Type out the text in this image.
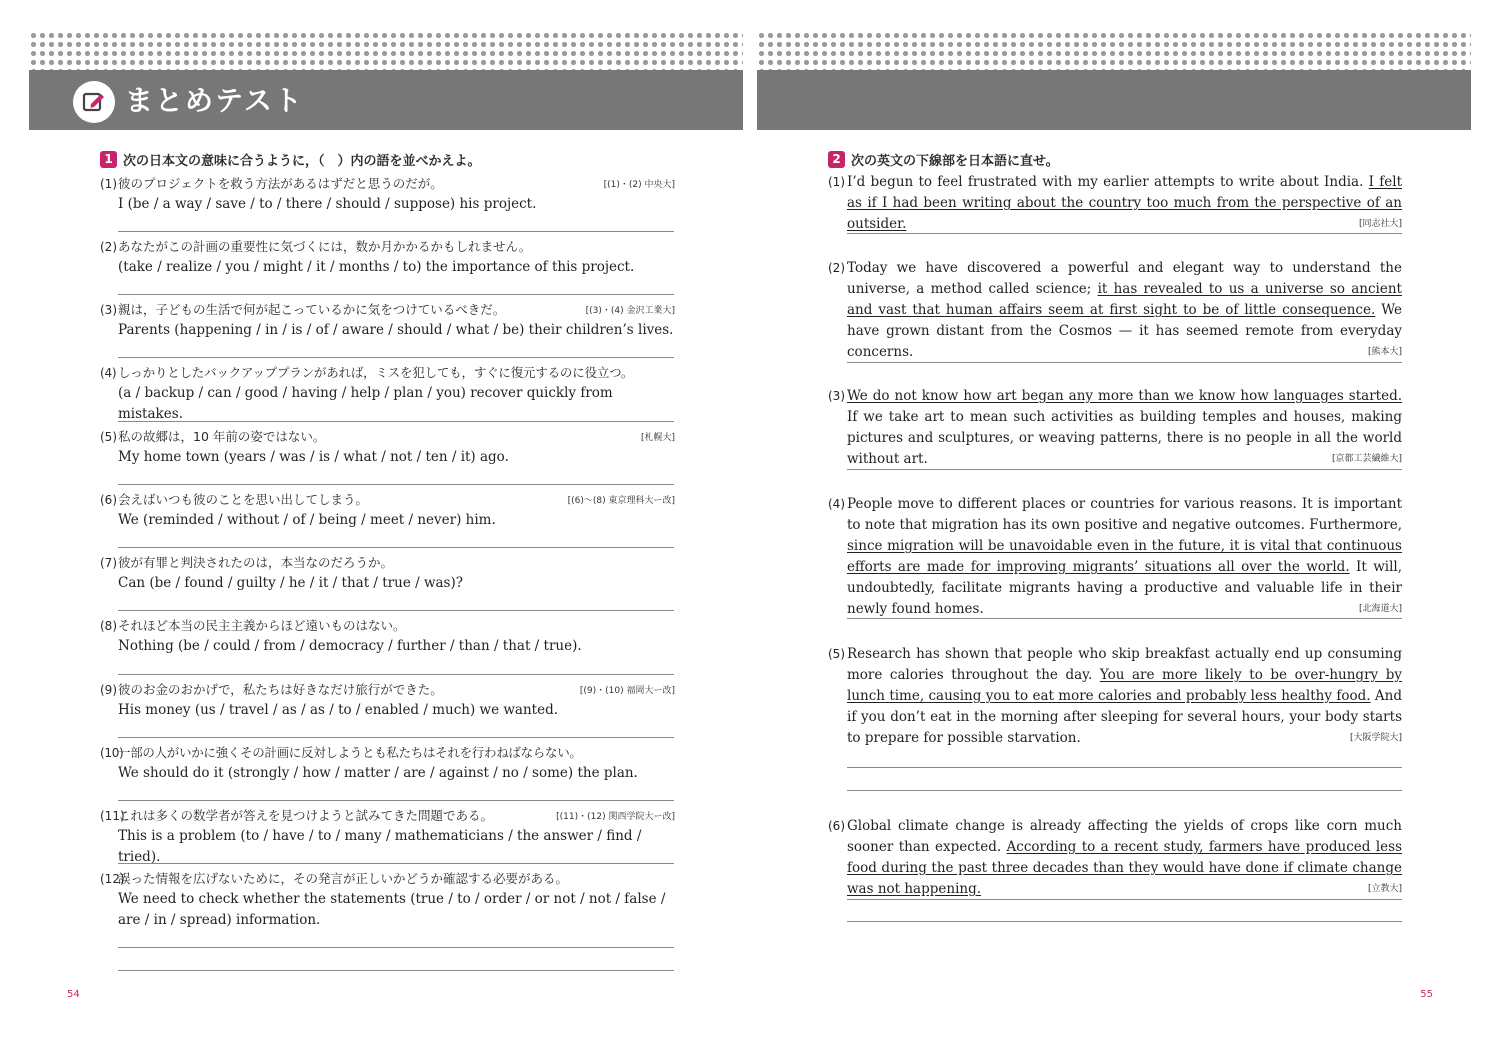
まとめテスト
1 次の日本文の意味に合うように，（　）内の語を並べかえよ。
(1)彼のプロジェクトを救う方法があるはずだと思うのだが。	[(1)・(2) 中央大]
I (be / a way / save / to / there / should / suppose) his project.
(2)あなたがこの計画の重要性に気づくには，数か月かかるかもしれません。
(take / realize / you / might / it / months / to) the importance of this project.
(3)親は，子どもの生活で何が起こっているかに気をつけているべきだ。	[(3)・(4) 金沢工業大]
Parents (happening / in / is / of / aware / should / what / be) their children’s lives.
(4) しっかりとしたバックアッププランがあれば，ミスを犯しても，すぐに復元するのに役立つ。
(a / backup / can / good / having / help / plan / you) recover quickly from mistakes.
(5)私の故郷は，10 年前の姿ではない。	[札幌大]
My home town (years / was / is / what / not / ten / it) ago.
(6)会えばいつも彼のことを思い出してしまう。	[(6)〜(8) 東京理科大ー改]
We (reminded / without / of / being / meet / never) him.
(7)彼が有罪と判決されたのは，本当なのだろうか。
Can (be / found / guilty / he / it / that / true / was)?
(8)それほど本当の民主主義からほど遠いものはない。
Nothing (be / could / from / democracy / further / than / that / true).
(9)彼のお金のおかげで，私たちは好きなだけ旅行ができた。	[(9)・(10) 福岡大ー改]
His money (us / travel / as / as / to / enabled / much) we wanted.
(10)一部の人がいかに強くその計画に反対しようとも私たちはそれを行わねばならない。
We should do it (strongly / how / matter / are / against / no / some) the plan.
(11)これは多くの数学者が答えを見つけようと試みてきた問題である。	[(11)・(12) 関西学院大ー改]
This is a problem (to / have / to / many / mathematicians / the answer / find / tried).
(12)誤った情報を広げないために，その発言が正しいかどうか確認する必要がある。
We need to check whether the statements (true / to / order / or not / not / false / are / in / spread) information.
54
2 次の英文の下線部を日本語に直せ。
(1) I’d begun to feel frustrated with my earlier attempts to write about India. I felt as if I had been writing about the country too much from the perspective of an outsider.	[同志社大]
(2) Today we have discovered a powerful and elegant way to understand the universe, a method called science; it has revealed to us a universe so ancient and vast that human affairs seem at first sight to be of little consequence. We have grown distant from the Cosmos — it has seemed remote from everyday concerns.	[熊本大]
(3) We do not know how art began any more than we know how languages started. If we take art to mean such activities as building temples and houses, making pictures and sculptures, or weaving patterns, there is no people in all the world without art.	[京都工芸繊維大]
(4) People move to different places or countries for various reasons. It is important to note that migration has its own positive and negative outcomes. Furthermore, since migration will be unavoidable even in the future, it is vital that continuous efforts are made for improving migrants’ situations all over the world. It will, undoubtedly, facilitate migrants having a productive and valuable life in their newly found homes.	[北海道大]
(5) Research has shown that people who skip breakfast actually end up consuming more calories throughout the day. You are more likely to be over-hungry by lunch time, causing you to eat more calories and probably less healthy food. And if you don’t eat in the morning after sleeping for several hours, your body starts to prepare for possible starvation.	[大阪学院大]
(6) Global climate change is already affecting the yields of crops like corn much sooner than expected. According to a recent study, farmers have produced less food during the past three decades than they would have done if climate change was not happening.	[立教大]
55
